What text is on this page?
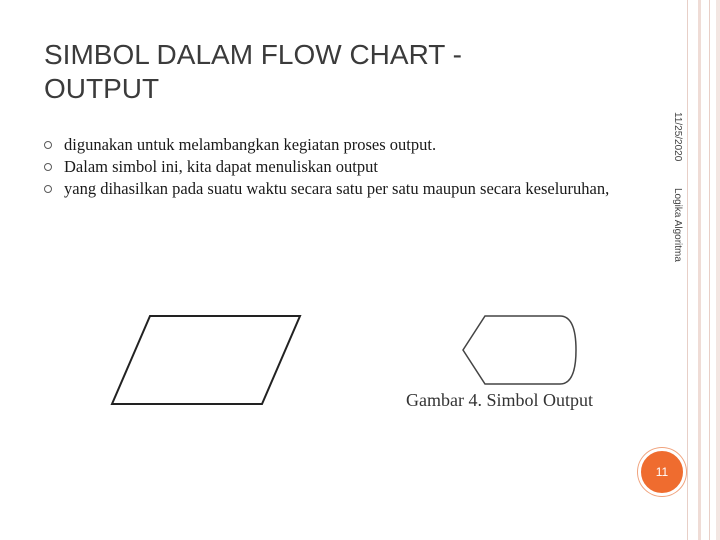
SIMBOL DALAM FLOW CHART -
OUTPUT
digunakan untuk melambangkan kegiatan proses output.
Dalam simbol ini, kita dapat menuliskan output
yang dihasilkan pada suatu waktu secara satu per satu maupun secara keseluruhan,
11/25/2020
Logika Algoritma
Gambar 4. Simbol Output
11
